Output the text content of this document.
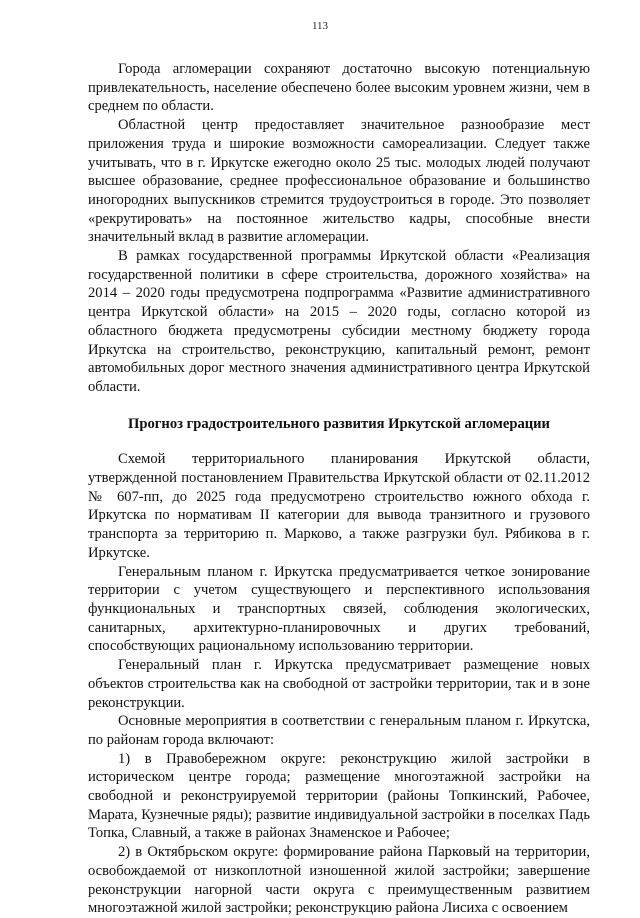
113

Города агломерации сохраняют достаточно высокую потенциальную привлекательность, население обеспечено более высоким уровнем жизни, чем в среднем по области.

Областной центр предоставляет значительное разнообразие мест приложения труда и широкие возможности самореализации. Следует также учитывать, что в г. Иркутске ежегодно около 25 тыс. молодых людей получают высшее образование, среднее профессиональное образование и большинство иногородних выпускников стремится трудоустроиться в городе. Это позволяет «рекрутировать» на постоянное жительство кадры, способные внести значительный вклад в развитие агломерации.

В рамках государственной программы Иркутской области «Реализация государственной политики в сфере строительства, дорожного хозяйства» на 2014 – 2020 годы предусмотрена подпрограмма «Развитие административного центра Иркутской области» на 2015 – 2020 годы, согласно которой из областного бюджета предусмотрены субсидии местному бюджету города Иркутска на строительство, реконструкцию, капитальный ремонт, ремонт автомобильных дорог местного значения административного центра Иркутской области.

Прогноз градостроительного развития Иркутской агломерации

Схемой территориального планирования Иркутской области, утвержденной постановлением Правительства Иркутской области от 02.11.2012 № 607-пп, до 2025 года предусмотрено строительство южного обхода г. Иркутска по нормативам II категории для вывода транзитного и грузового транспорта за территорию п. Марково, а также разгрузки бул. Рябикова в г. Иркутске.

Генеральным планом г. Иркутска предусматривается четкое зонирование территории с учетом существующего и перспективного использования функциональных и транспортных связей, соблюдения экологических, санитарных, архитектурно-планировочных и других требований, способствующих рациональному использованию территории.

Генеральный план г. Иркутска предусматривает размещение новых объектов строительства как на свободной от застройки территории, так и в зоне реконструкции.

Основные мероприятия в соответствии с генеральным планом г. Иркутска, по районам города включают:

1) в Правобережном округе: реконструкцию жилой застройки в историческом центре города; размещение многоэтажной застройки на свободной и реконструируемой территории (районы Топкинский, Рабочее, Марата, Кузнечные ряды); развитие индивидуальной застройки в поселках Падь Топка, Славный, а также в районах Знаменское и Рабочее;

2) в Октябрьском округе: формирование района Парковый на территории, освобождаемой от низкоплотной изношенной жилой застройки; завершение реконструкции нагорной части округа с преимущественным развитием многоэтажной жилой застройки; реконструкцию района Лисиха с освоением
